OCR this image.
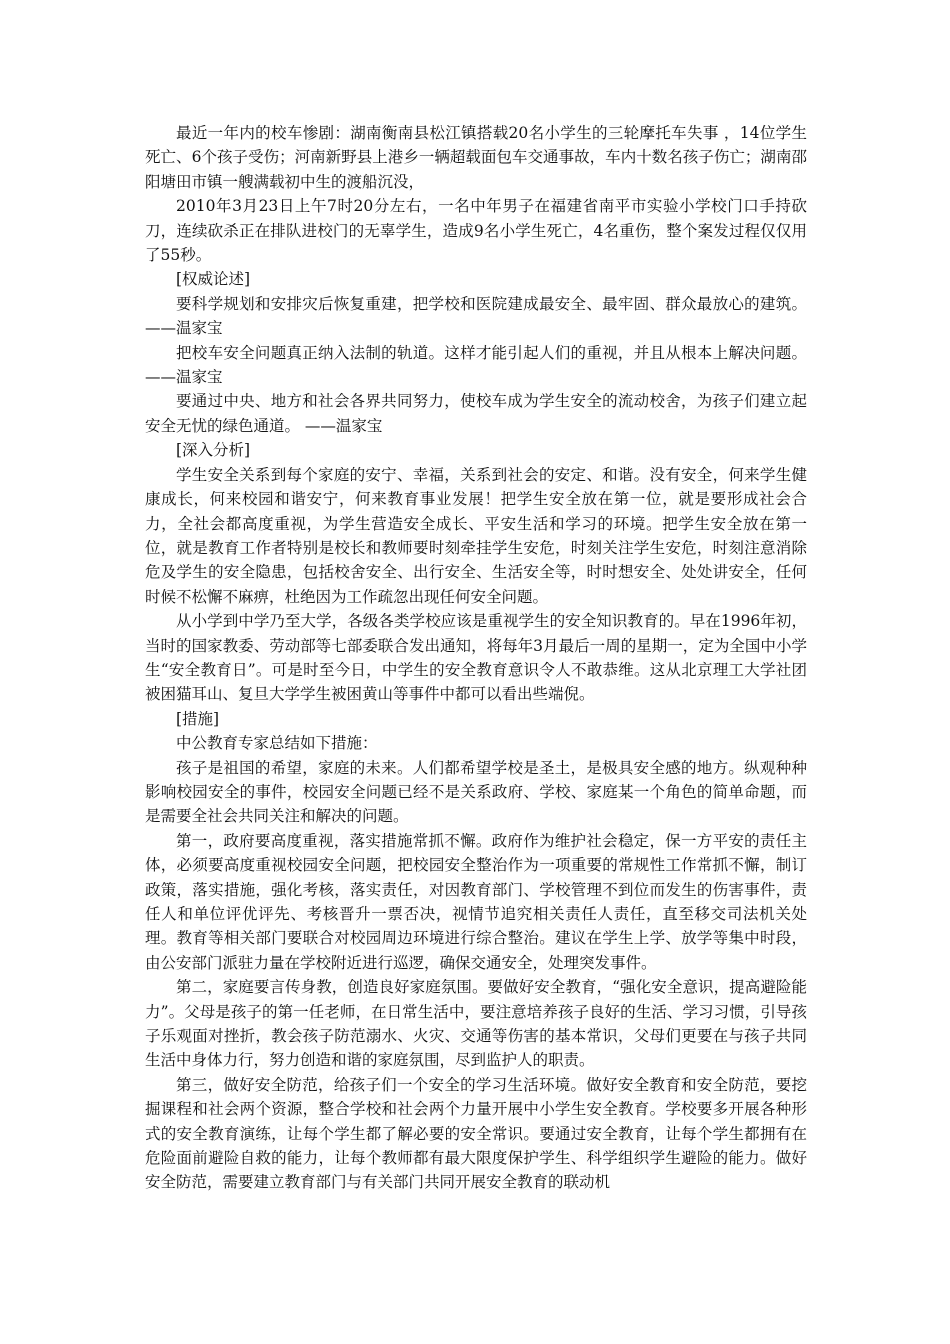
最近一年内的校车惨剧：湖南衡南县松江镇搭载20名小学生的三轮摩托车失事 ，14位学生死亡、6个孩子受伤；河南新野县上港乡一辆超载面包车交通事故，车内十数名孩子伤亡；湖南邵阳塘田市镇一艘满载初中生的渡船沉没，

2010年3月23日上午7时20分左右，一名中年男子在福建省南平市实验小学校门口手持砍刀，连续砍杀正在排队进校门的无辜学生，造成9名小学生死亡，4名重伤，整个案发过程仅仅用了55秒。

[权威论述]

要科学规划和安排灾后恢复重建，把学校和医院建成最安全、最牢固、群众最放心的建筑。——温家宝

把校车安全问题真正纳入法制的轨道。这样才能引起人们的重视，并且从根本上解决问题。 ——温家宝

要通过中央、地方和社会各界共同努力，使校车成为学生安全的流动校舍，为孩子们建立起安全无忧的绿色通道。 ——温家宝

[深入分析]

学生安全关系到每个家庭的安宁、幸福，关系到社会的安定、和谐。没有安全，何来学生健康成长，何来校园和谐安宁，何来教育事业发展！把学生安全放在第一位，就是要形成社会合力，全社会都高度重视，为学生营造安全成长、平安生活和学习的环境。把学生安全放在第一位，就是教育工作者特别是校长和教师要时刻牵挂学生安危，时刻关注学生安危，时刻注意消除危及学生的安全隐患，包括校舍安全、出行安全、生活安全等，时时想安全、处处讲安全，任何时候不松懈不麻痹，杜绝因为工作疏忽出现任何安全问题。

从小学到中学乃至大学，各级各类学校应该是重视学生的安全知识教育的。早在1996年初，当时的国家教委、劳动部等七部委联合发出通知，将每年3月最后一周的星期一，定为全国中小学生“安全教育日”。可是时至今日，中学生的安全教育意识令人不敢恭维。这从北京理工大学社团被困猫耳山、复旦大学学生被困黄山等事件中都可以看出些端倪。

[措施]

中公教育专家总结如下措施：

孩子是祖国的希望，家庭的未来。人们都希望学校是圣土，是极具安全感的地方。纵观种种影响校园安全的事件，校园安全问题已经不是关系政府、学校、家庭某一个角色的简单命题，而是需要全社会共同关注和解决的问题。

第一，政府要高度重视，落实措施常抓不懈。政府作为维护社会稳定，保一方平安的责任主体，必须要高度重视校园安全问题，把校园安全整治作为一项重要的常规性工作常抓不懈，制订政策，落实措施，强化考核，落实责任，对因教育部门、学校管理不到位而发生的伤害事件，责任人和单位评优评先、考核晋升一票否决，视情节追究相关责任人责任，直至移交司法机关处理。教育等相关部门要联合对校园周边环境进行综合整治。建议在学生上学、放学等集中时段，由公安部门派驻力量在学校附近进行巡逻，确保交通安全，处理突发事件。

第二，家庭要言传身教，创造良好家庭氛围。要做好安全教育，“强化安全意识，提高避险能力”。父母是孩子的第一任老师，在日常生活中，要注意培养孩子良好的生活、学习习惯，引导孩子乐观面对挫折，教会孩子防范溺水、火灾、交通等伤害的基本常识，父母们更要在与孩子共同生活中身体力行，努力创造和谐的家庭氛围，尽到监护人的职责。

第三，做好安全防范，给孩子们一个安全的学习生活环境。做好安全教育和安全防范，要挖掘课程和社会两个资源，整合学校和社会两个力量开展中小学生安全教育。学校要多开展各种形式的安全教育演练，让每个学生都了解必要的安全常识。要通过安全教育，让每个学生都拥有在危险面前避险自救的能力，让每个教师都有最大限度保护学生、科学组织学生避险的能力。做好安全防范，需要建立教育部门与有关部门共同开展安全教育的联动机
